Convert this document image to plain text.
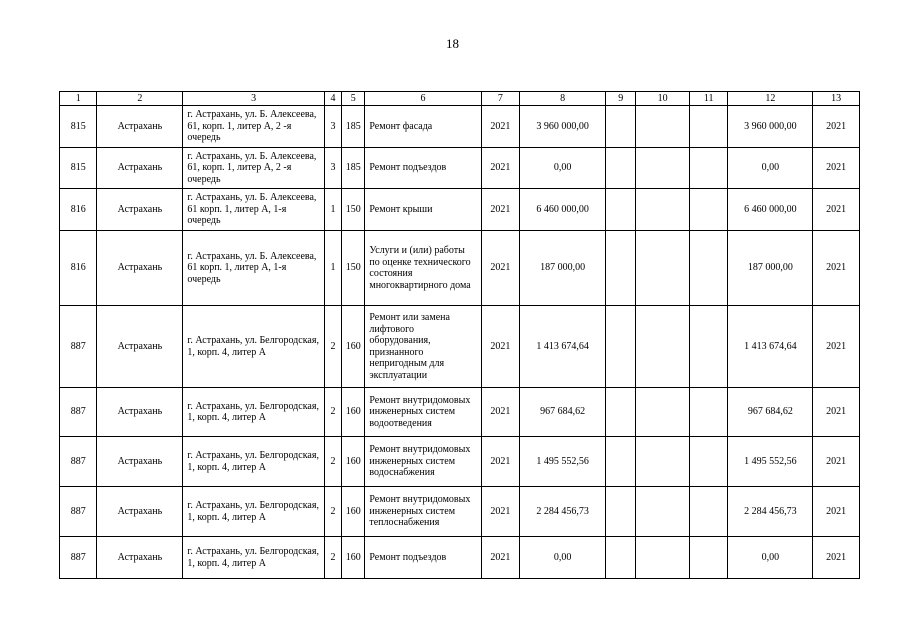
18
1	2	3	4	5	6	7	8	9	10	11	12	13
815	Астрахань	г. Астрахань, ул. Б. Алексеева, 61, корп. 1, литер А, 2 -я очередь	3	185	Ремонт фасада	2021	3 960 000,00				3 960 000,00	2021
815	Астрахань	г. Астрахань, ул. Б. Алексеева, 61, корп. 1, литер А, 2 -я очередь	3	185	Ремонт подъездов	2021	0,00				0,00	2021
816	Астрахань	г. Астрахань, ул. Б. Алексеева, 61 корп. 1, литер А, 1-я очередь	1	150	Ремонт крыши	2021	6 460 000,00				6 460 000,00	2021
816	Астрахань	г. Астрахань, ул. Б. Алексеева, 61 корп. 1, литер А, 1-я очередь	1	150	Услуги и (или) работы по оценке технического состояния многоквартирного дома	2021	187 000,00				187 000,00	2021
887	Астрахань	г. Астрахань, ул. Белгородская, 1, корп. 4, литер А	2	160	Ремонт или замена лифтового оборудования, признанного непригодным для эксплуатации	2021	1 413 674,64				1 413 674,64	2021
887	Астрахань	г. Астрахань, ул. Белгородская, 1, корп. 4, литер А	2	160	Ремонт внутридомовых инженерных систем водоотведения	2021	967 684,62				967 684,62	2021
887	Астрахань	г. Астрахань, ул. Белгородская, 1, корп. 4, литер А	2	160	Ремонт внутридомовых инженерных систем водоснабжения	2021	1 495 552,56				1 495 552,56	2021
887	Астрахань	г. Астрахань, ул. Белгородская, 1, корп. 4, литер А	2	160	Ремонт внутридомовых инженерных систем теплоснабжения	2021	2 284 456,73				2 284 456,73	2021
887	Астрахань	г. Астрахань, ул. Белгородская, 1, корп. 4, литер А	2	160	Ремонт подъездов	2021	0,00				0,00	2021
